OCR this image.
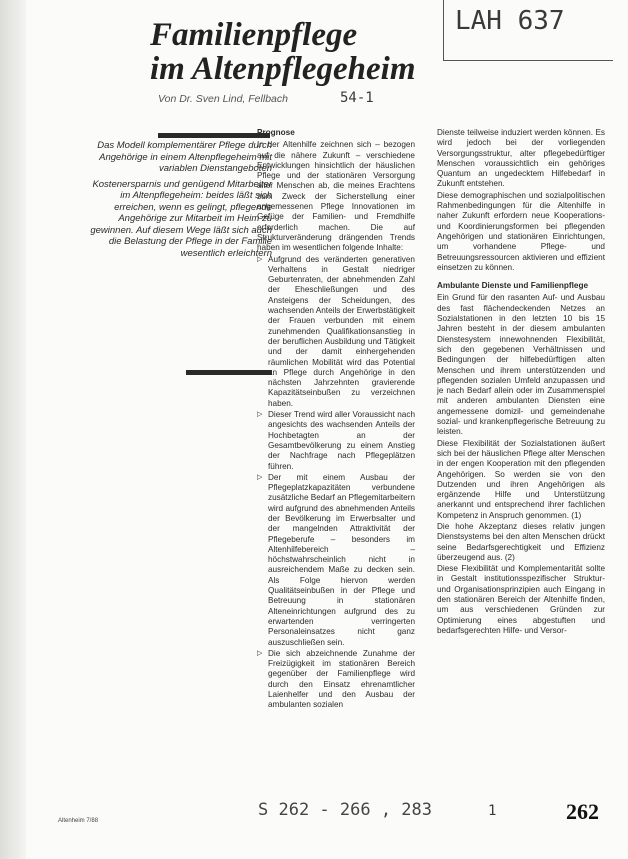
LAH 637
Familienpflege
im Altenpflegeheim
Von Dr. Sven Lind, Fellbach	54-1

Das Modell komplementärer Pflege durch Angehörige in einem Altenpflegeheim mit variablen Dienstangeboten

Kostenersparnis und genügend Mitarbeiter im Altenpflegeheim: beides läßt sich erreichen, wenn es gelingt, pflegende Angehörige zur Mitarbeit im Heim zu gewinnen. Auf diesem Wege läßt sich auch die Belastung der Pflege in der Familie wesentlich erleichtern

Prognose

In der Altenhilfe zeichnen sich – bezogen auf die nähere Zukunft – verschiedene Entwicklungen hinsichtlich der häuslichen Pflege und der stationären Versorgung alter Menschen ab, die meines Erachtens zum Zweck der Sicherstellung einer angemessenen Pflege Innovationen im Gefüge der Familien- und Fremdhilfe erforderlich machen. Die auf Strukturveränderung drängenden Trends haben im wesentlichen folgende Inhalte:

▷ Aufgrund des veränderten generativen Verhaltens in Gestalt niedriger Geburtenraten, der abnehmenden Zahl der Eheschließungen und des Ansteigens der Scheidungen, des wachsenden Anteils der Erwerbstätigkeit der Frauen verbunden mit einem zunehmenden Qualifikationsanstieg in der beruflichen Ausbildung und Tätigkeit und der damit einhergehenden räumlichen Mobilität wird das Potential an Pflege durch Angehörige in den nächsten Jahrzehnten gravierende Kapazitätseinbußen zu verzeichnen haben.
▷ Dieser Trend wird aller Voraussicht nach angesichts des wachsenden Anteils der Hochbetagten an der Gesamtbevölkerung zu einem Anstieg der Nachfrage nach Pflegeplätzen führen.
▷ Der mit einem Ausbau der Pflegeplatzkapazitäten verbundene zusätzliche Bedarf an Pflegemitarbeitern wird aufgrund des abnehmenden Anteils der Bevölkerung im Erwerbsalter und der mangelnden Attraktivität der Pflegeberufe – besonders im Altenhilfebereich – höchstwahrscheinlich nicht in ausreichendem Maße zu decken sein. Als Folge hiervon werden Qualitätseinbußen in der Pflege und Betreuung in stationären Alteneinrichtungen aufgrund des zu erwartenden verringerten Personaleinsatzes nicht ganz auszuschließen sein.
▷ Die sich abzeichnende Zunahme der Freizügigkeit im stationären Bereich gegenüber der Familienpflege wird durch den Einsatz ehrenamtlicher Laienhelfer und den Ausbau der ambulanten sozialen

Dienste teilweise induziert werden können. Es wird jedoch bei der vorliegenden Versorgungsstruktur, alter pflegebedürftiger Menschen voraussichtlich ein gehöriges Quantum an ungedecktem Hilfebedarf in Zukunft entstehen.

Diese demographischen und sozialpolitischen Rahmenbedingungen für die Altenhilfe in naher Zukunft erfordern neue Kooperations- und Koordinierungsformen bei pflegenden Angehörigen und stationären Einrichtungen, um vorhandene Pflege- und Betreuungsressourcen aktivieren und effizient einsetzen zu können.

Ambulante Dienste und Familienpflege

Ein Grund für den rasanten Auf- und Ausbau des fast flächendeckenden Netzes an Sozialstationen in den letzten 10 bis 15 Jahren besteht in der diesem ambulanten Dienstesystem innewohnenden Flexibilität, sich den gegebenen Verhältnissen und Bedingungen der hilfebedürftigen alten Menschen und ihrem unterstützenden und pflegenden sozialen Umfeld anzupassen und je nach Bedarf allein oder im Zusammenspiel mit anderen ambulanten Diensten eine angemessene domizil- und gemeindenahe sozial- und krankenpflegerische Betreuung zu leisten.

Diese Flexibilität der Sozialstationen äußert sich bei der häuslichen Pflege alter Menschen in der engen Kooperation mit den pflegenden Angehörigen. So werden sie von den Dutzenden und ihren Angehörigen als ergänzende Hilfe und Unterstützung anerkannt und entsprechend ihrer fachlichen Kompetenz in Anspruch genommen. (1)

Die hohe Akzeptanz dieses relativ jungen Dienstsystems bei den alten Menschen drückt seine Bedarfsgerechtigkeit und Effizienz überzeugend aus. (2)

Diese Flexibilität und Komplementarität sollte in Gestalt institutionsspezifischer Struktur- und Organisationsprinzipien auch Eingang in den stationären Bereich der Altenhilfe finden, um aus verschiedenen Gründen zur Optimierung eines abgestuften und bedarfsgerechten Hilfe- und Versor-

Altenheim 7/88
S 262 - 266 , 283	1	262
